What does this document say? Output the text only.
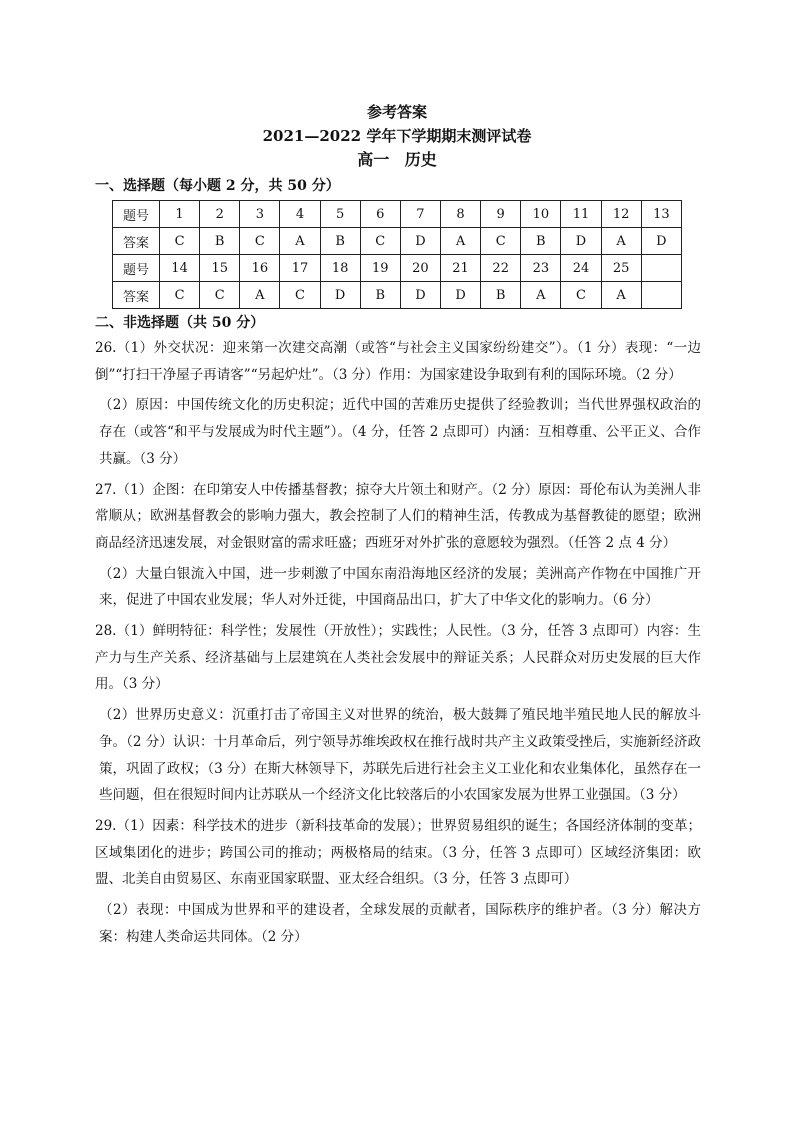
参考答案
2021—2022 学年下学期期末测评试卷
高一 历史
一、选择题（每小题 2 分，共 50 分）
题号	1	2	3	4	5	6	7	8	9	10	11	12	13
答案	C	B	C	A	B	C	D	A	C	B	D	A	D
题号	14	15	16	17	18	19	20	21	22	23	24	25	
答案	C	C	A	C	D	B	D	D	B	A	C	A	
二、非选择题（共 50 分）
26.（1）外交状况：迎来第一次建交高潮（或答“与社会主义国家纷纷建交”）。（1 分）表现：“一边倒”“打扫干净屋子再请客”“另起炉灶”。（3 分）作用：为国家建设争取到有利的国际环境。（2 分）
（2）原因：中国传统文化的历史积淀；近代中国的苦难历史提供了经验教训；当代世界强权政治的存在（或答“和平与发展成为时代主题”）。（4 分，任答 2 点即可）内涵：互相尊重、公平正义、合作共赢。（3 分）
27.（1）企图：在印第安人中传播基督教；掠夺大片领土和财产。（2 分）原因：哥伦布认为美洲人非常顺从；欧洲基督教会的影响力强大，教会控制了人们的精神生活，传教成为基督教徒的愿望；欧洲商品经济迅速发展，对金银财富的需求旺盛；西班牙对外扩张的意愿较为强烈。（任答 2 点 4 分）
（2）大量白银流入中国，进一步刺激了中国东南沿海地区经济的发展；美洲高产作物在中国推广开来，促进了中国农业发展；华人对外迁徙，中国商品出口，扩大了中华文化的影响力。（6 分）
28.（1）鲜明特征：科学性；发展性（开放性）；实践性；人民性。（3 分，任答 3 点即可）内容：生产力与生产关系、经济基础与上层建筑在人类社会发展中的辩证关系；人民群众对历史发展的巨大作用。（3 分）
（2）世界历史意义：沉重打击了帝国主义对世界的统治，极大鼓舞了殖民地半殖民地人民的解放斗争。（2 分）认识：十月革命后，列宁领导苏维埃政权在推行战时共产主义政策受挫后，实施新经济政策，巩固了政权；（3 分）在斯大林领导下，苏联先后进行社会主义工业化和农业集体化，虽然存在一些问题，但在很短时间内让苏联从一个经济文化比较落后的小农国家发展为世界工业强国。（3 分）
29.（1）因素：科学技术的进步（新科技革命的发展）；世界贸易组织的诞生；各国经济体制的变革；区域集团化的进步；跨国公司的推动；两极格局的结束。（3 分，任答 3 点即可）区域经济集团：欧盟、北美自由贸易区、东南亚国家联盟、亚太经合组织。（3 分，任答 3 点即可）
（2）表现：中国成为世界和平的建设者，全球发展的贡献者，国际秩序的维护者。（3 分）解决方案：构建人类命运共同体。（2 分）
